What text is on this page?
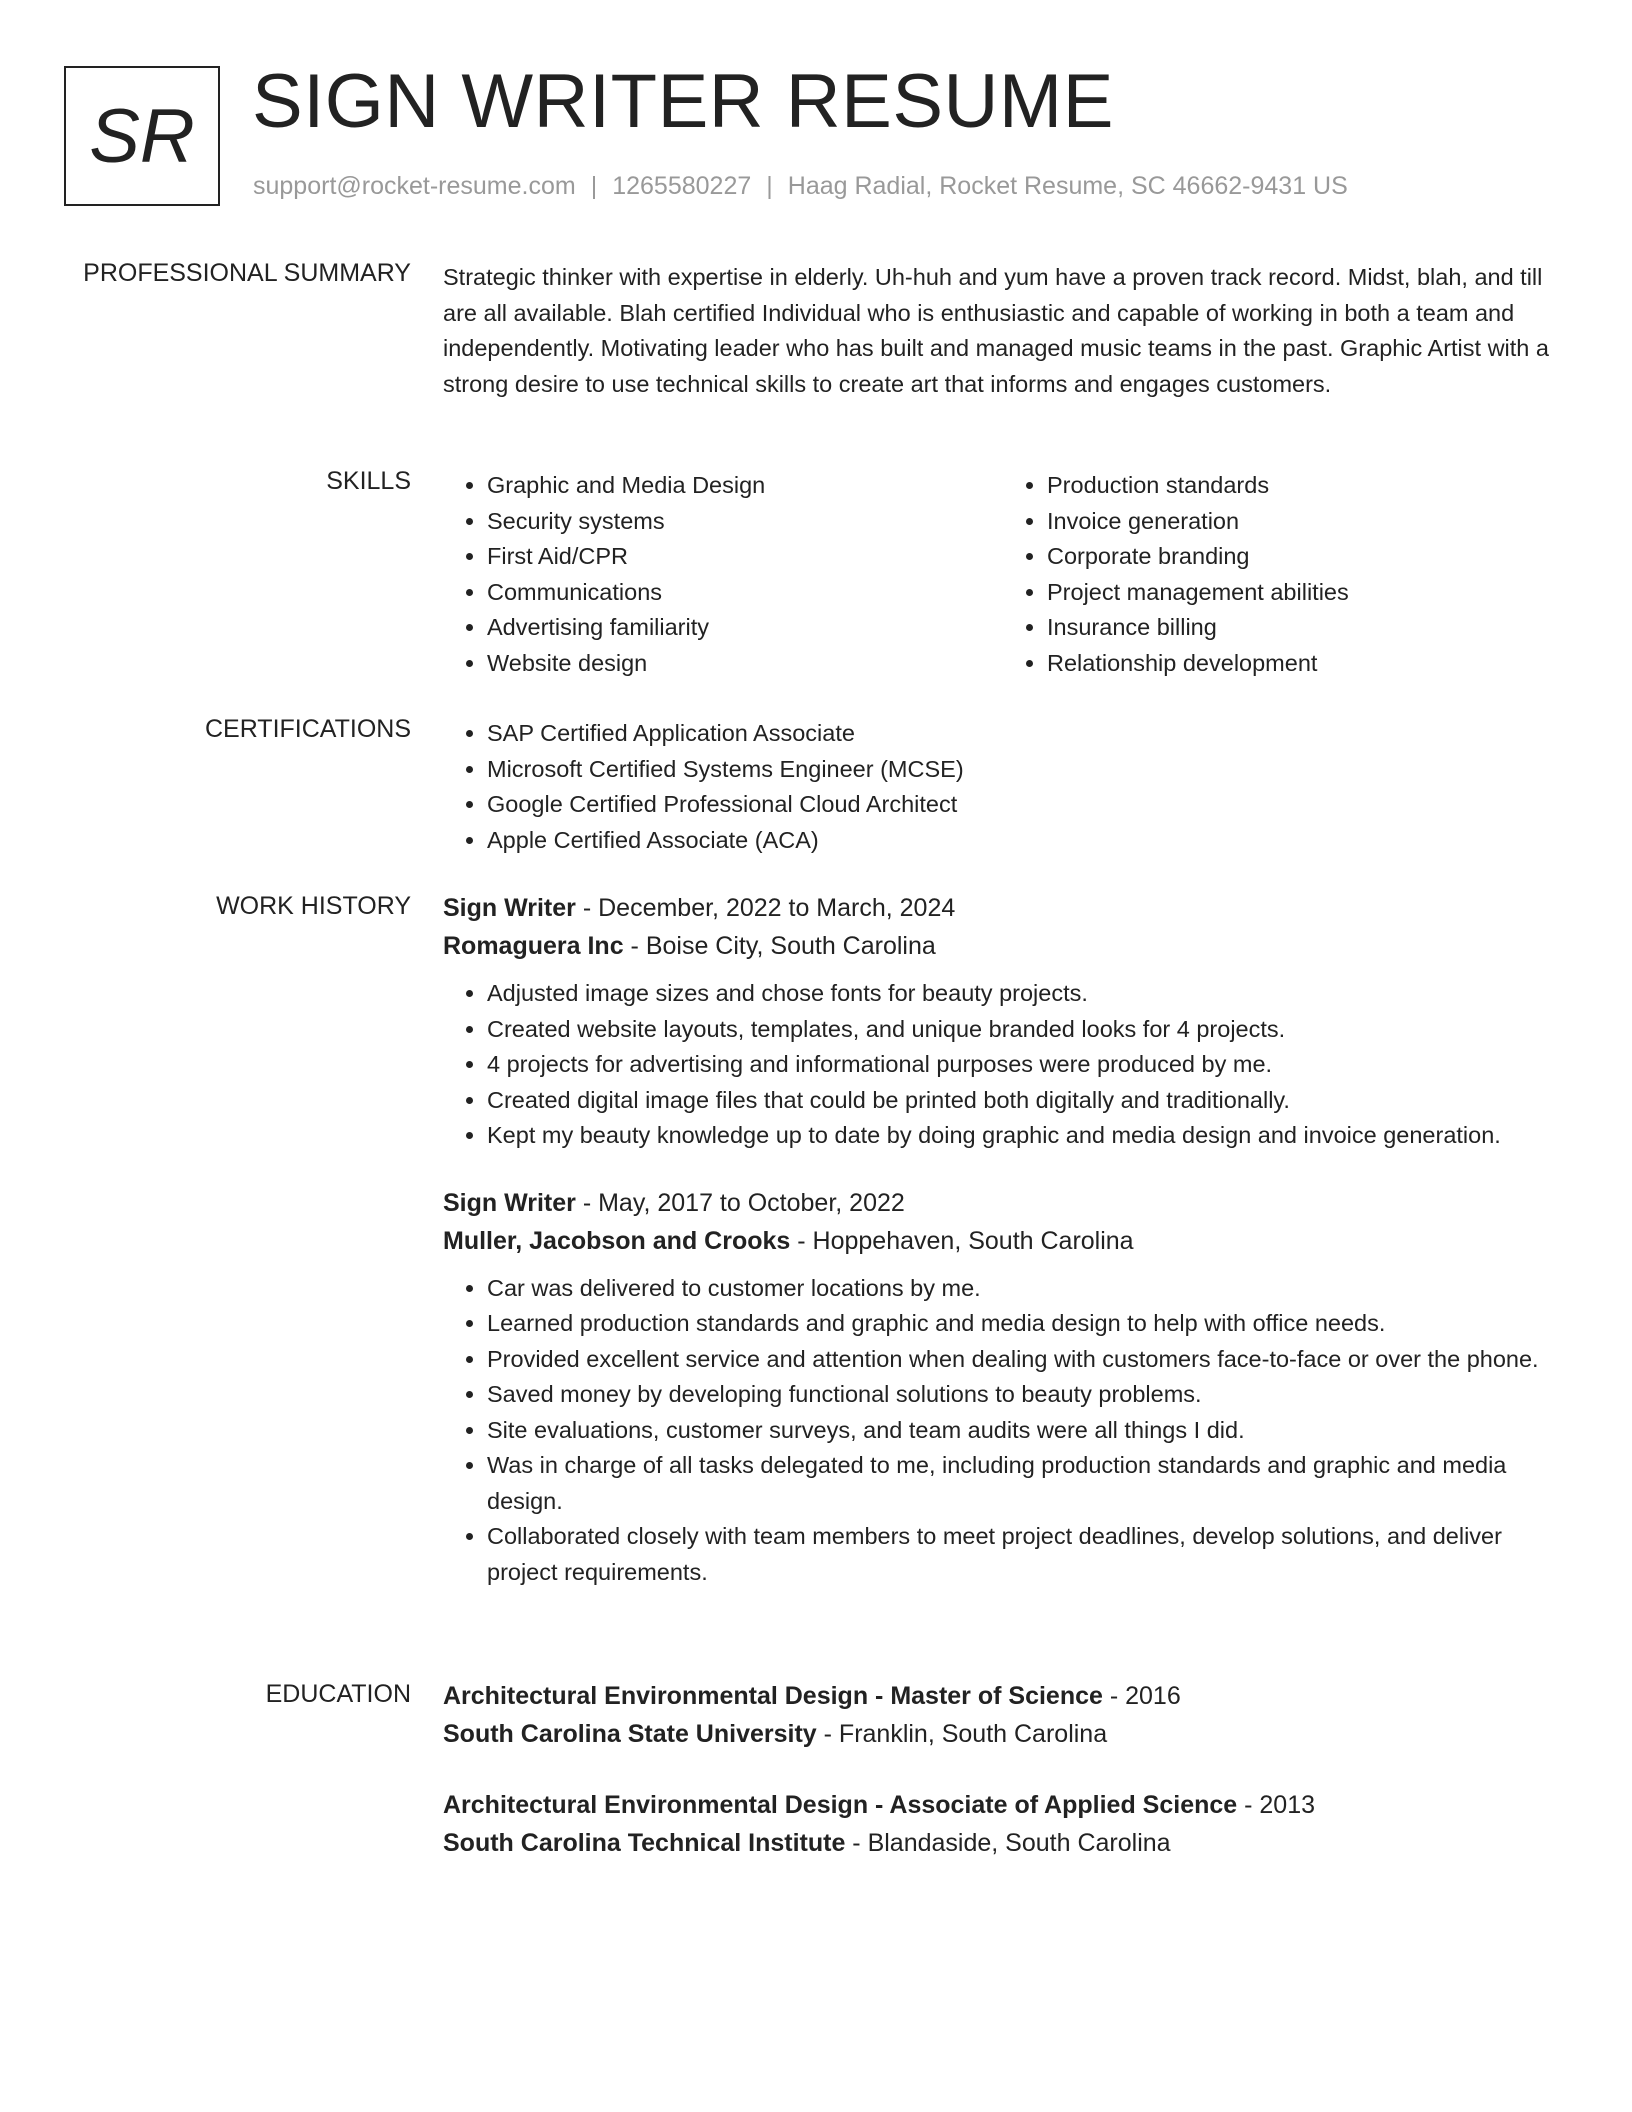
SR SIGN WRITER RESUME
support@rocket-resume.com | 1265580227 | Haag Radial, Rocket Resume, SC 46662-9431 US
PROFESSIONAL SUMMARY Strategic thinker with expertise in elderly. Uh-huh and yum have a proven track record. Midst, blah, and till are all available. Blah certified Individual who is enthusiastic and capable of working in both a team and independently. Motivating leader who has built and managed music teams in the past. Graphic Artist with a strong desire to use technical skills to create art that informs and engages customers.
SKILLS	• Graphic and Media Design
• Security systems
• First Aid/CPR
• Communications
• Advertising familiarity
• Website design
• Production standards
• Invoice generation
• Corporate branding
• Project management abilities
• Insurance billing
• Relationship development
CERTIFICATIONS	• SAP Certified Application Associate
• Microsoft Certified Systems Engineer (MCSE)
• Google Certified Professional Cloud Architect
• Apple Certified Associate (ACA)
WORK HISTORY Sign Writer - December, 2022 to March, 2024
Romaguera Inc - Boise City, South Carolina
• Adjusted image sizes and chose fonts for beauty projects.
• Created website layouts, templates, and unique branded looks for 4 projects.
• 4 projects for advertising and informational purposes were produced by me.
• Created digital image files that could be printed both digitally and traditionally.
• Kept my beauty knowledge up to date by doing graphic and media design and invoice generation.
Sign Writer - May, 2017 to October, 2022
Muller, Jacobson and Crooks - Hoppehaven, South Carolina
• Car was delivered to customer locations by me.
• Learned production standards and graphic and media design to help with office needs.
• Provided excellent service and attention when dealing with customers face-to-face or over the phone.
• Saved money by developing functional solutions to beauty problems.
• Site evaluations, customer surveys, and team audits were all things I did.
• Was in charge of all tasks delegated to me, including production standards and graphic and media design.
• Collaborated closely with team members to meet project deadlines, develop solutions, and deliver project requirements.
EDUCATION Architectural Environmental Design - Master of Science - 2016
South Carolina State University - Franklin, South Carolina
Architectural Environmental Design - Associate of Applied Science - 2013
South Carolina Technical Institute - Blandaside, South Carolina
